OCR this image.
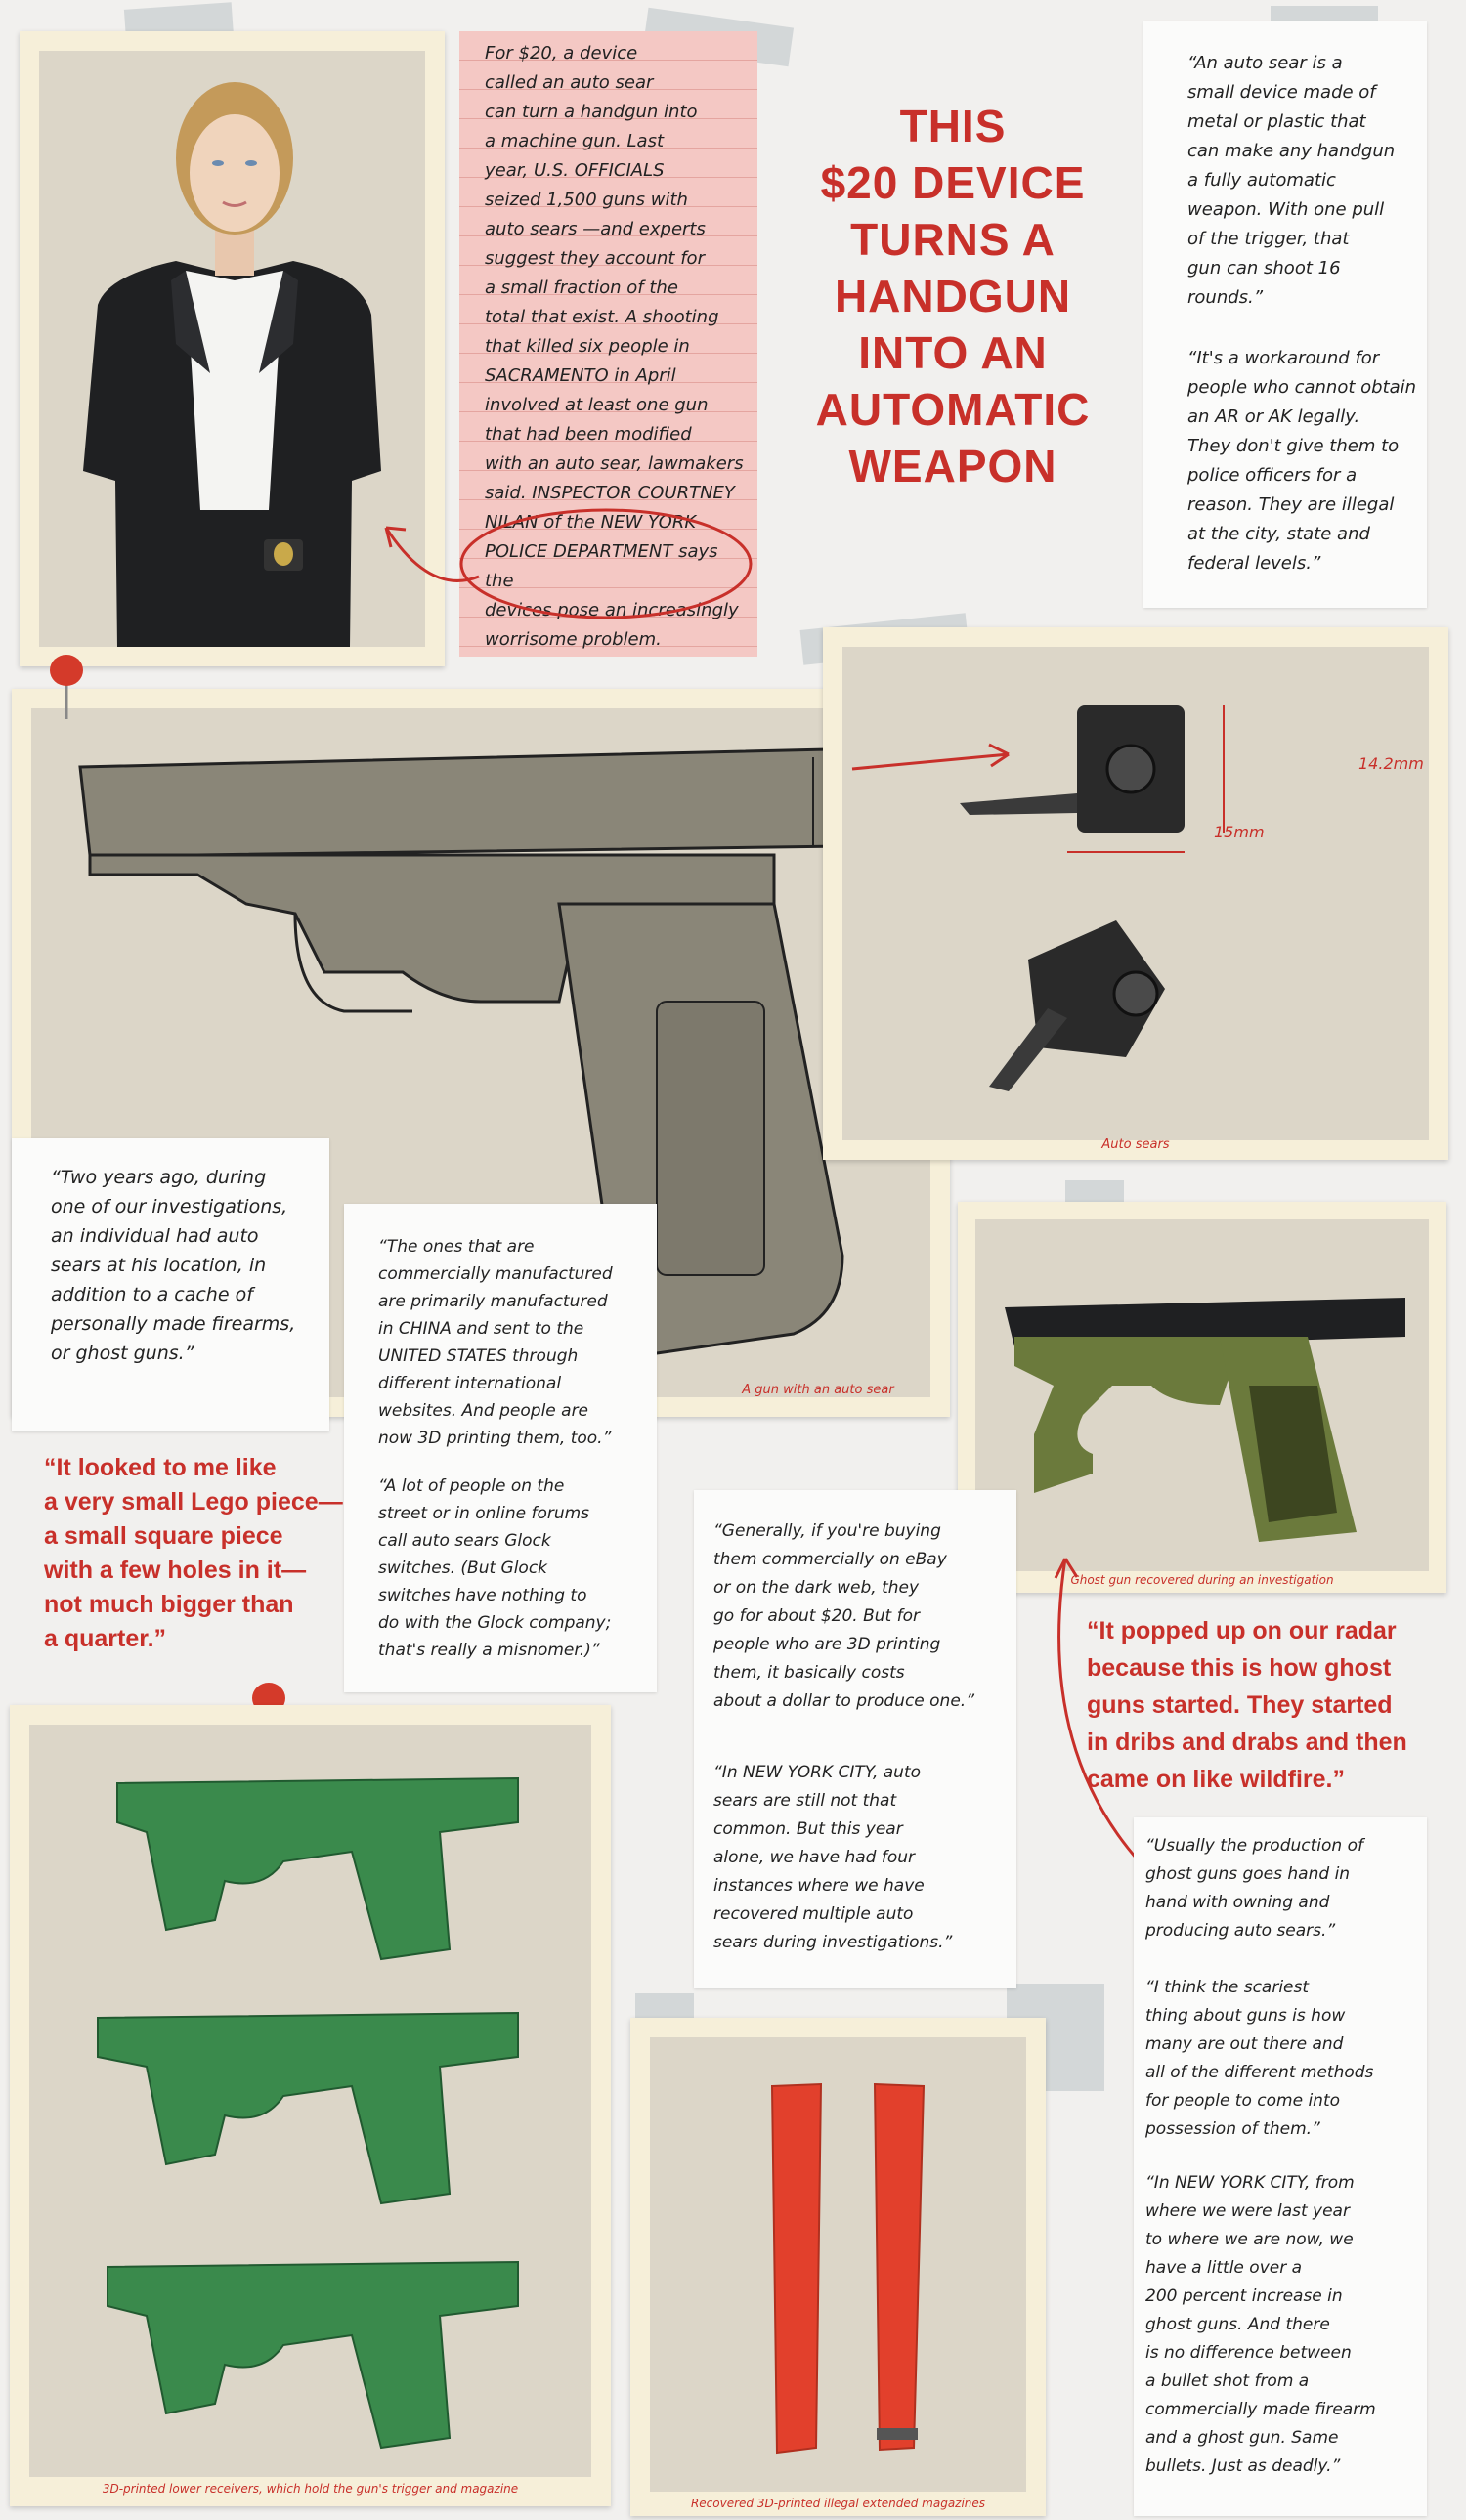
For $20, a device
called an auto sear
can turn a handgun into
a machine gun. Last
year, U.S. OFFICIALS
seized 1,500 guns with
auto sears —and experts
suggest they account for
a small fraction of the
total that exist. A shooting
that killed six people in
SACRAMENTO in April
involved at least one gun
that had been modified
with an auto sear, lawmakers
said. INSPECTOR COURTNEY
NILAN of the NEW YORK
POLICE DEPARTMENT says the
devices pose an increasingly
worrisome problem.

THIS
$20 DEVICE
TURNS A
HANDGUN
INTO AN
AUTOMATIC
WEAPON

“An auto sear is a
small device made of
metal or plastic that
can make any handgun
a fully automatic
weapon. With one pull
of the trigger, that
gun can shoot 16
rounds.”

“It's a workaround for
people who cannot obtain
an AR or AK legally.
They don't give them to
police officers for a
reason. They are illegal
at the city, state and
federal levels.”

A gun with an auto sear
14.2mm
15mm
Auto sears
Ghost gun recovered during an investigation

“Two years ago, during
one of our investigations,
an individual had auto
sears at his location, in
addition to a cache of
personally made firearms,
or ghost guns.”

“The ones that are
commercially manufactured
are primarily manufactured
in CHINA and sent to the
UNITED STATES through
different international
websites. And people are
now 3D printing them, too.”

“A lot of people on the
street or in online forums
call auto sears Glock
switches. (But Glock
switches have nothing to
do with the Glock company;
that's really a misnomer.)”

“It looked to me like
a very small Lego piece—
a small square piece
with a few holes in it—
not much bigger than
a quarter.”

“Generally, if you're buying
them commercially on eBay
or on the dark web, they
go for about $20. But for
people who are 3D printing
them, it basically costs
about a dollar to produce one.”

“In NEW YORK CITY, auto
sears are still not that
common. But this year
alone, we have had four
instances where we have
recovered multiple auto
sears during investigations.”

“It popped up on our radar
because this is how ghost
guns started. They started
in dribs and drabs and then
came on like wildfire.”

“Usually the production of
ghost guns goes hand in
hand with owning and
producing auto sears.”

“I think the scariest
thing about guns is how
many are out there and
all of the different methods
for people to come into
possession of them.”

“In NEW YORK CITY, from
where we were last year
to where we are now, we
have a little over a
200 percent increase in
ghost guns. And there
is no difference between
a bullet shot from a
commercially made firearm
and a ghost gun. Same
bullets. Just as deadly.”

3D-printed lower receivers, which hold the gun's trigger and magazine
Recovered 3D-printed illegal extended magazines
